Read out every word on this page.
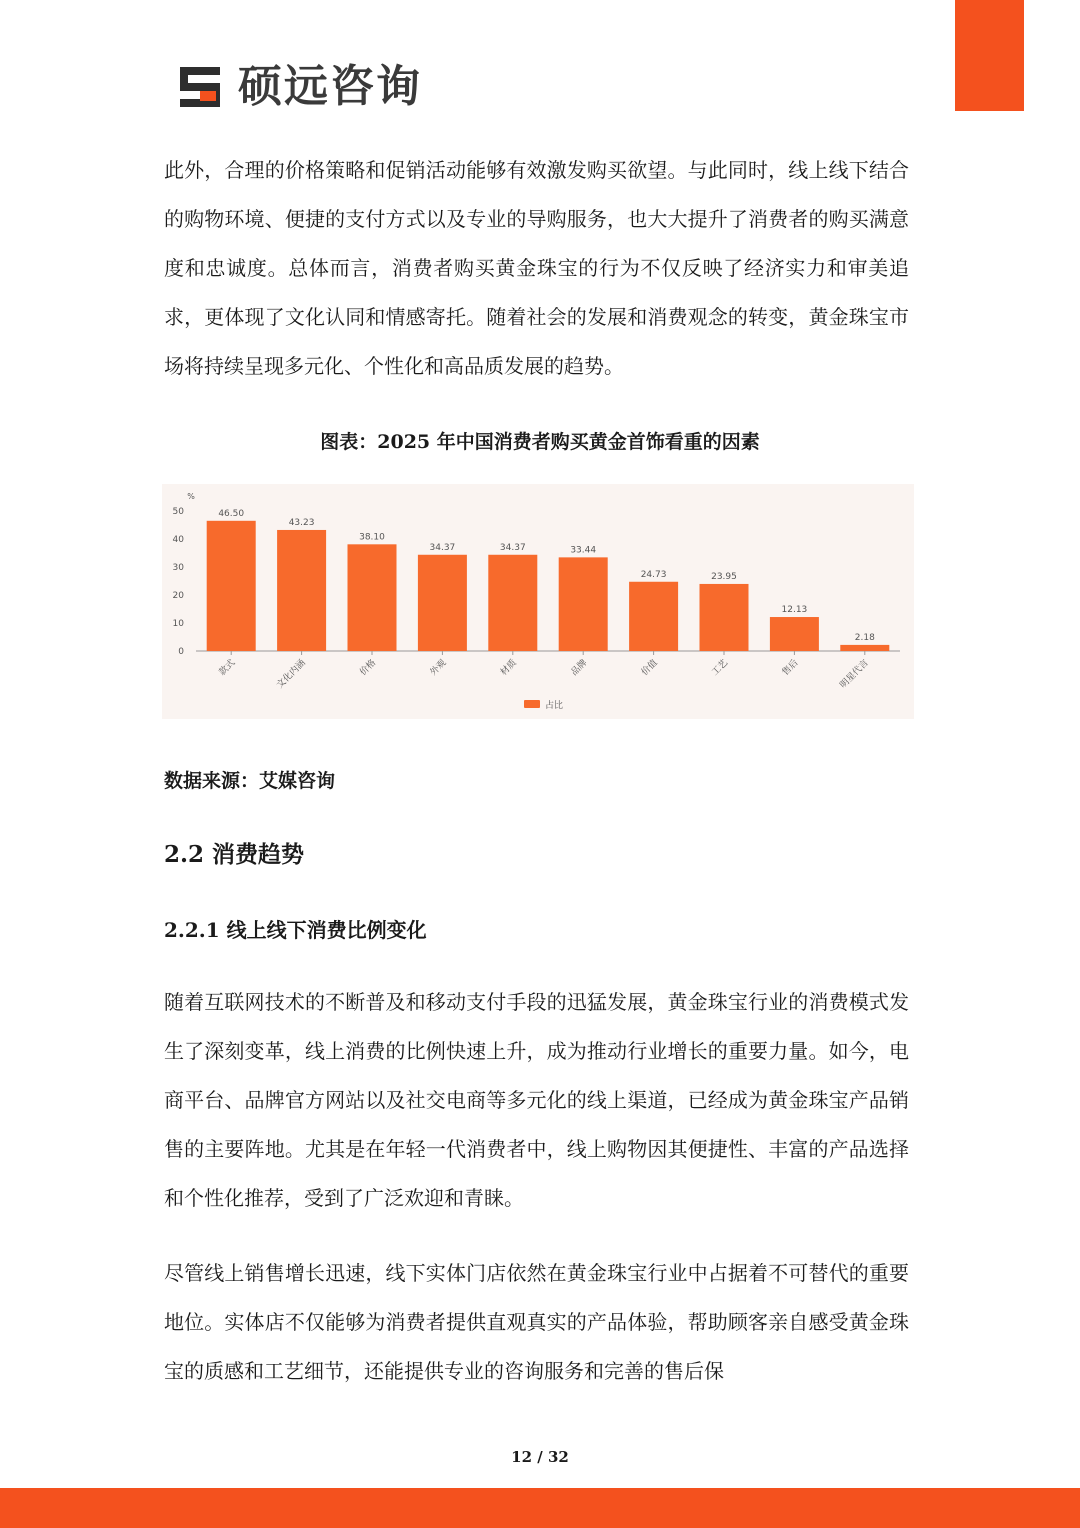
硕远咨询

此外，合理的价格策略和促销活动能够有效激发购买欲望。与此同时，线上线下结合的购物环境、便捷的支付方式以及专业的导购服务，也大大提升了消费者的购买满意度和忠诚度。总体而言，消费者购买黄金珠宝的行为不仅反映了经济实力和审美追求，更体现了文化认同和情感寄托。随着社会的发展和消费观念的转变，黄金珠宝市场将持续呈现多元化、个性化和高品质发展的趋势。

图表：2025 年中国消费者购买黄金首饰看重的因素
%
50
40
30
20
10
0
46.50
款式
43.23
文化内涵
38.10
价格
34.37
外观
34.37
材质
33.44
品牌
24.73
价值
23.95
工艺
12.13
售后
2.18
明星代言
占比
数据来源：艾媒咨询
2.2 消费趋势
2.2.1 线上线下消费比例变化

随着互联网技术的不断普及和移动支付手段的迅猛发展，黄金珠宝行业的消费模式发生了深刻变革，线上消费的比例快速上升，成为推动行业增长的重要力量。如今，电商平台、品牌官方网站以及社交电商等多元化的线上渠道，已经成为黄金珠宝产品销售的主要阵地。尤其是在年轻一代消费者中，线上购物因其便捷性、丰富的产品选择和个性化推荐，受到了广泛欢迎和青睐。

尽管线上销售增长迅速，线下实体门店依然在黄金珠宝行业中占据着不可替代的重要地位。实体店不仅能够为消费者提供直观真实的产品体验，帮助顾客亲自感受黄金珠宝的质感和工艺细节，还能提供专业的咨询服务和完善的售后保

12 / 32
